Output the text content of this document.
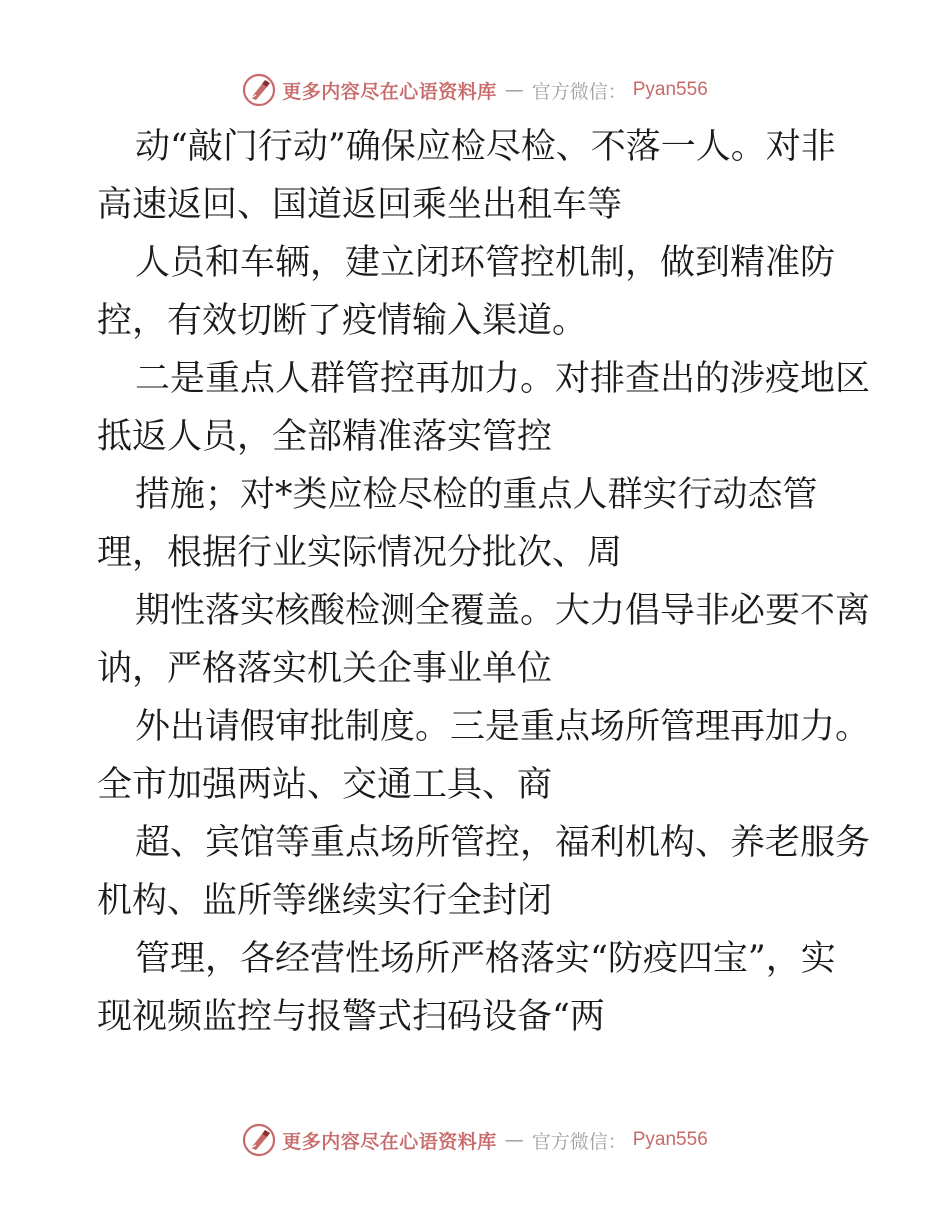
更多内容尽在心语资料库 — 官方微信： Pyan556
动“敲门行动”确保应检尽检、不落一人。对非
高速返回、国道返回乘坐出租车等
人员和车辆，建立闭环管控机制，做到精准防
控，有效切断了疫情输入渠道。
二是重点人群管控再加力。对排查出的涉疫地区
抵返人员，全部精准落实管控
措施；对*类应检尽检的重点人群实行动态管
理，根据行业实际情况分批次、周
期性落实核酸检测全覆盖。大力倡导非必要不离
讷，严格落实机关企事业单位
外出请假审批制度。三是重点场所管理再加力。
全市加强两站、交通工具、商
超、宾馆等重点场所管控，福利机构、养老服务
机构、监所等继续实行全封闭
管理，各经营性场所严格落实“防疫四宝”，实
现视频监控与报警式扫码设备“两
更多内容尽在心语资料库 — 官方微信： Pyan556
